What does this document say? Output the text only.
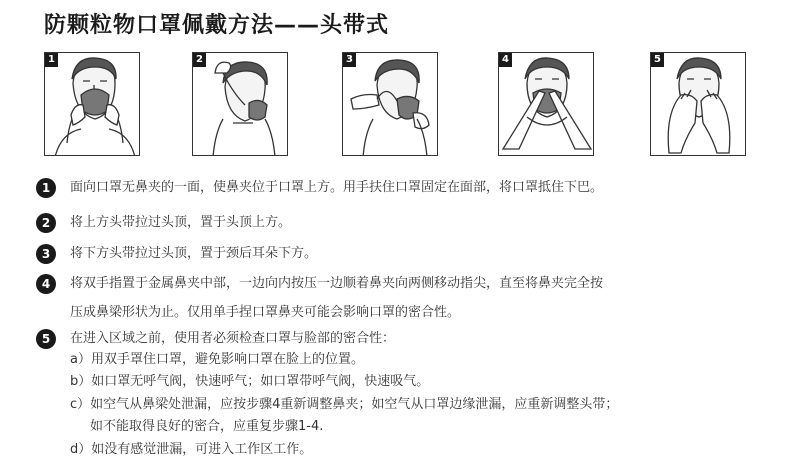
防颗粒物口罩佩戴方法——头带式
1	2	3	4	5
1	面向口罩无鼻夹的一面，使鼻夹位于口罩上方。用手扶住口罩固定在面部，将口罩抵住下巴。
2	将上方头带拉过头顶，置于头顶上方。
3	将下方头带拉过头顶，置于颈后耳朵下方。
4	将双手指置于金属鼻夹中部，一边向内按压一边顺着鼻夹向两侧移动指尖，直至将鼻夹完全按
压成鼻梁形状为止。仅用单手捏口罩鼻夹可能会影响口罩的密合性。
5	在进入区域之前，使用者必须检查口罩与脸部的密合性：
a）用双手罩住口罩，避免影响口罩在脸上的位置。
b）如口罩无呼气阀，快速呼气；如口罩带呼气阀，快速吸气。
c）如空气从鼻梁处泄漏，应按步骤4重新调整鼻夹；如空气从口罩边缘泄漏，应重新调整头带；
如不能取得良好的密合，应重复步骤1-4.
d）如没有感觉泄漏，可进入工作区工作。
